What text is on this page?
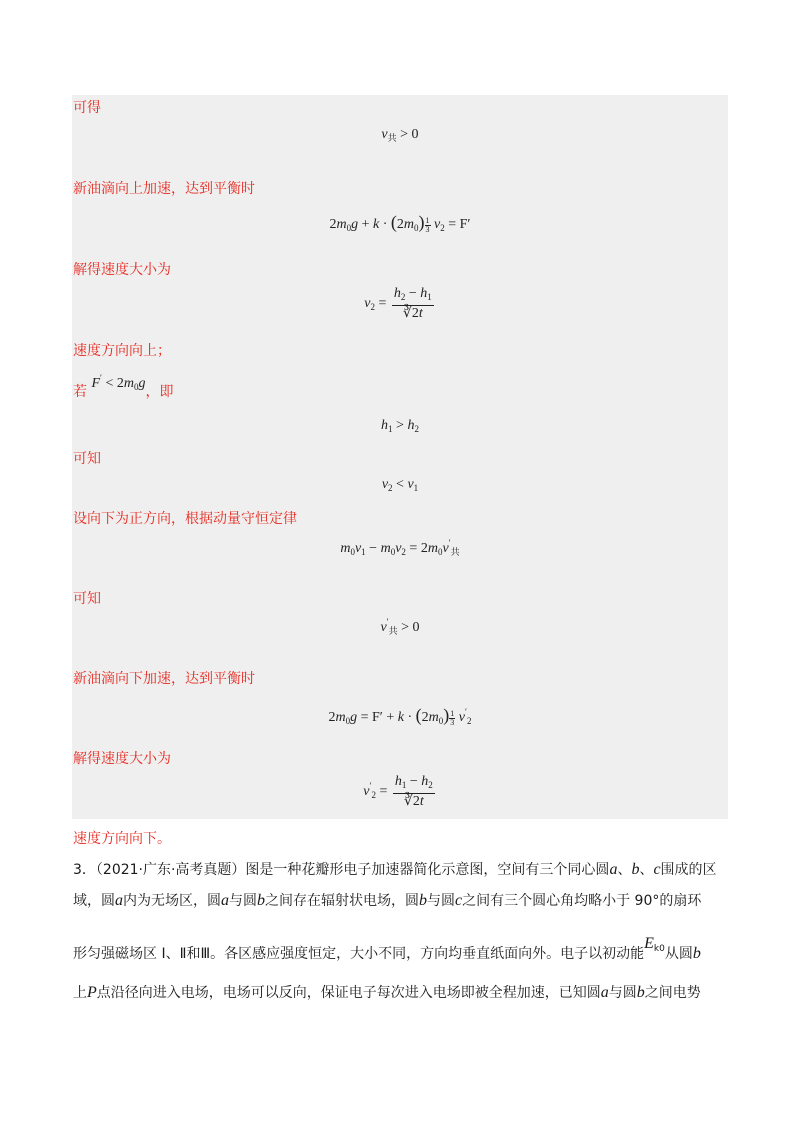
可得
$v_共 > 0$
新油滴向上加速，达到平衡时
$2m_0g + k \cdot (2m_0) \frac{1}{3} v_2 = F'$
解得速度大小为
$v_2 = \frac{h_2 - h_1}{∛2t}$
速度方向向上；
若 $F' < 2m_0g$，即
$h_1 > h_2$
可知
$v_2 < v_1$
设向下为正方向，根据动量守恒定律
$m_0v_1 - m_0v_2 = 2m_0v'_共$
可知
$v'_共 > 0$
新油滴向下加速，达到平衡时
$2m_0g = F' + k \cdot (2m_0) \frac{1}{3} v'_2$
解得速度大小为
$v'_2 = \frac{h_1 - h_2}{∛2t}$
速度方向向下。
3．（2021·广东·高考真题）图是一种花瓣形电子加速器简化示意图，空间有三个同心圆a、b、c围成的区
域，圆a内为无场区，圆a与圆b之间存在辐射状电场，圆b与圆c之间有三个圆心角均略小于 90°的扇环
形匀强磁场区 Ⅰ、Ⅱ和Ⅲ。各区感应强度恒定，大小不同，方向均垂直纸面向外。电子以初动能$E_{k0}$从圆b
上P点沿径向进入电场，电场可以反向，保证电子每次进入电场即被全程加速，已知圆a与圆b之间电势
